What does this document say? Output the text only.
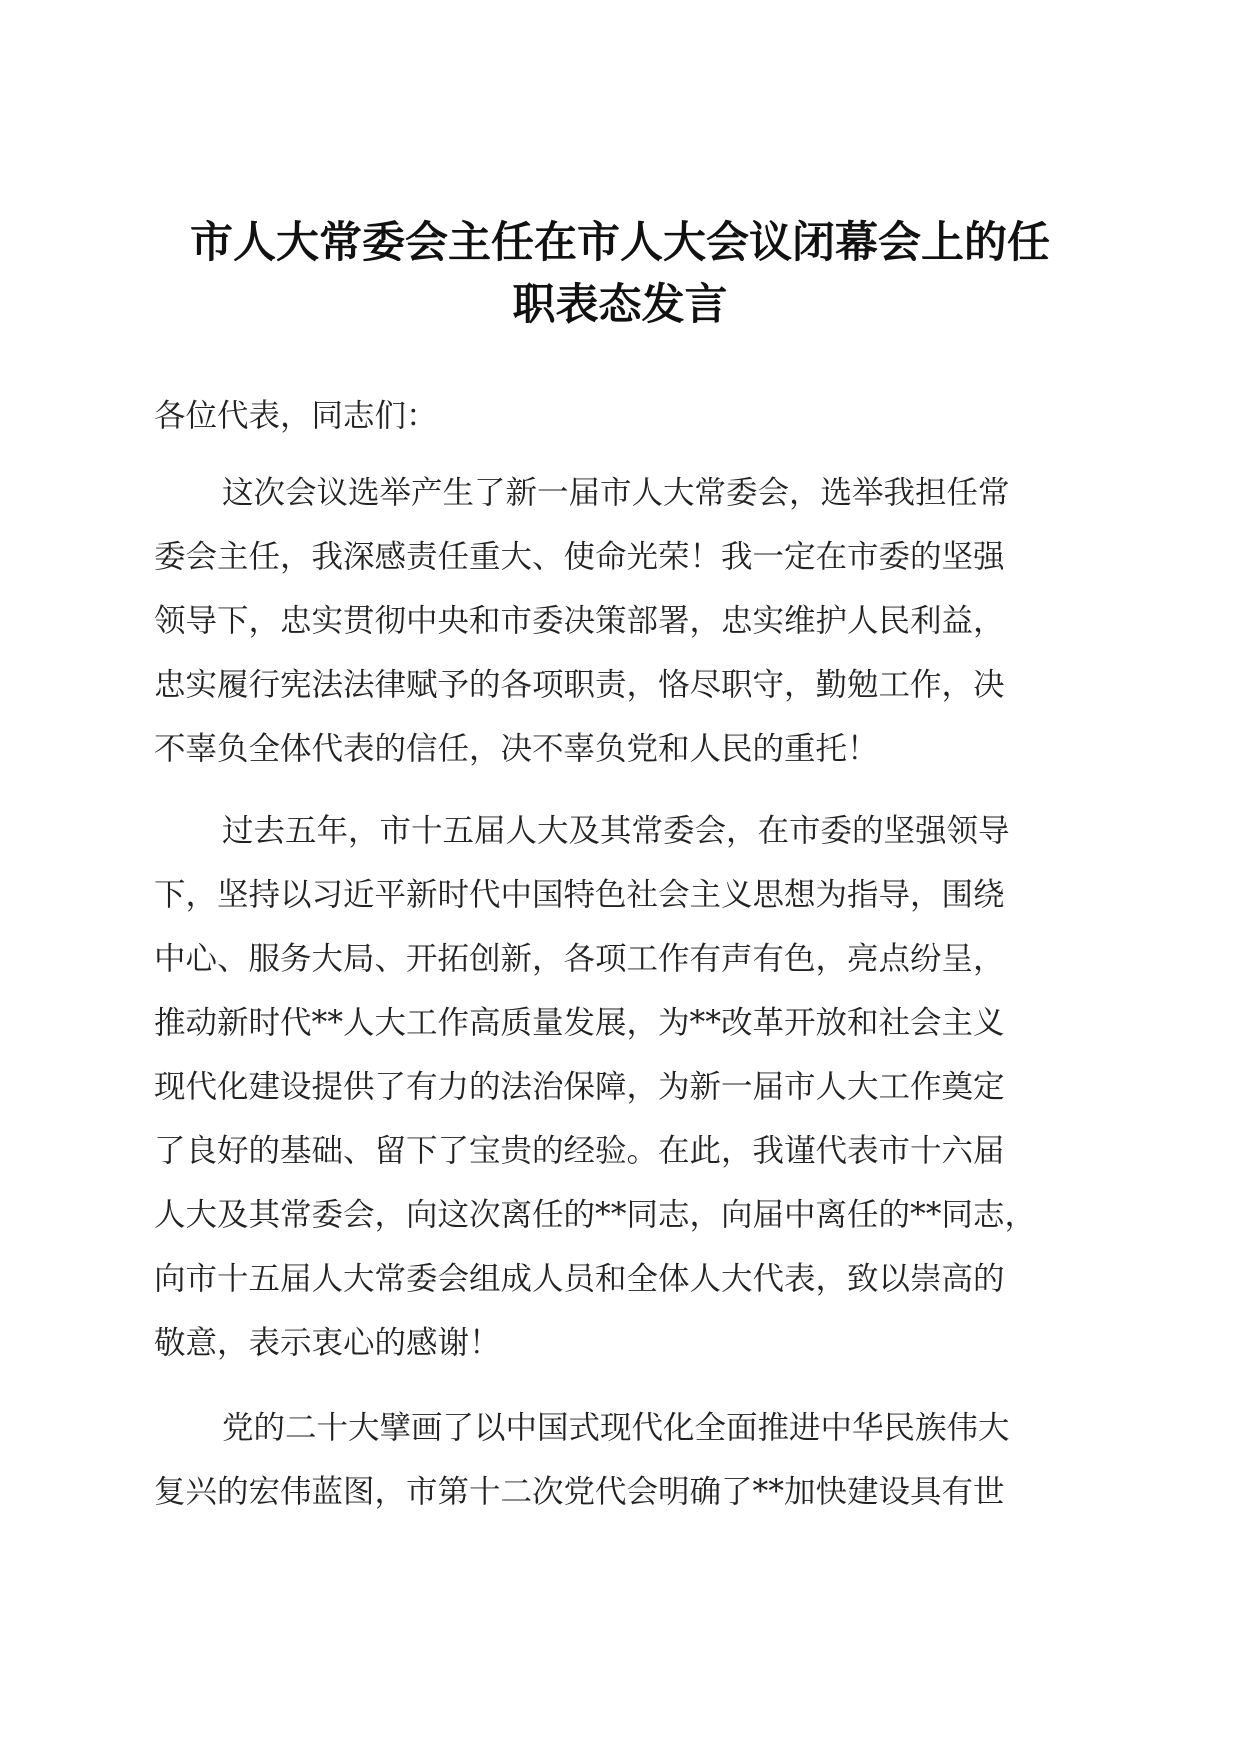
市人大常委会主任在市人大会议闭幕会上的任
职表态发言

各位代表，同志们：

这次会议选举产生了新一届市人大常委会，选举我担任常
委会主任，我深感责任重大、使命光荣！我一定在市委的坚强
领导下，忠实贯彻中央和市委决策部署，忠实维护人民利益，
忠实履行宪法法律赋予的各项职责，恪尽职守，勤勉工作，决
不辜负全体代表的信任，决不辜负党和人民的重托！

过去五年，市十五届人大及其常委会，在市委的坚强领导
下，坚持以习近平新时代中国特色社会主义思想为指导，围绕
中心、服务大局、开拓创新，各项工作有声有色，亮点纷呈，
推动新时代**人大工作高质量发展，为**改革开放和社会主义
现代化建设提供了有力的法治保障，为新一届市人大工作奠定
了良好的基础、留下了宝贵的经验。在此，我谨代表市十六届
人大及其常委会，向这次离任的**同志，向届中离任的**同志，
向市十五届人大常委会组成人员和全体人大代表，致以崇高的
敬意，表示衷心的感谢！

党的二十大擘画了以中国式现代化全面推进中华民族伟大
复兴的宏伟蓝图，市第十二次党代会明确了**加快建设具有世
